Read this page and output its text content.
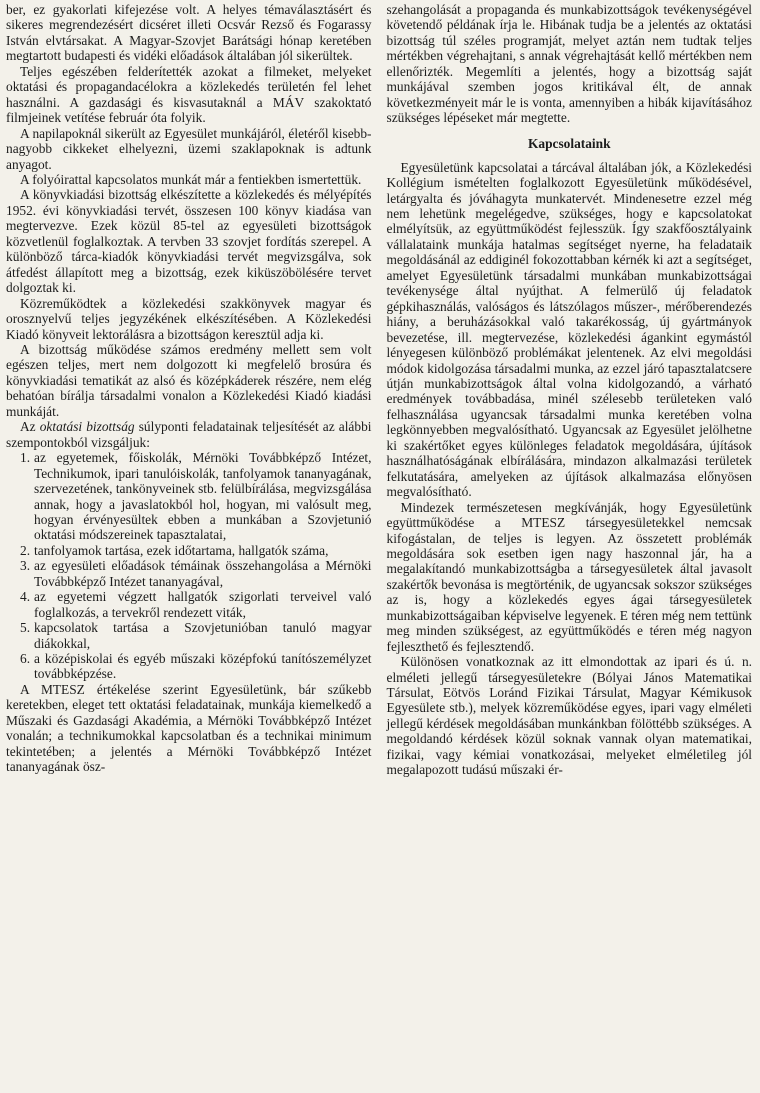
ber, ez gyakorlati kifejezése volt. A helyes témaválasztásért és sikeres megrendezésért dicséret illeti Ocsvár Rezső és Fogarassy István elvtársakat. A Magyar-Szovjet Barátsági hónap keretében megtartott budapesti és vidéki előadások általában jól sikerültek.

Teljes egészében felderítették azokat a filmeket, melyeket oktatási és propagandacélokra a közlekedés területén fel lehet használni. A gazdasági és kisvasutaknál a MÁV szakoktató filmjeinek vetítése február óta folyik.

A napilapoknál sikerült az Egyesület munkájáról, életéről kisebb-nagyobb cikkeket elhelyezni, üzemi szaklapoknak is adtunk anyagot.

A folyóirattal kapcsolatos munkát már a fentiekben ismertettük.

A könyvkiadási bizottság elkészítette a közlekedés és mélyépítés 1952. évi könyvkiadási tervét, összesen 100 könyv kiadása van megtervezve. Ezek közül 85-tel az egyesületi bizottságok közvetlenül foglalkoztak. A tervben 33 szovjet fordítás szerepel. A különböző tárca-kiadók könyvkiadási tervét megvizsgálva, sok átfedést állapított meg a bizottság, ezek kiküszöbölésére tervet dolgoztak ki.

Közreműködtek a közlekedési szakkönyvek magyar és orosznyelvű teljes jegyzékének elkészítésében. A Közlekedési Kiadó könyveit lektorálásra a bizottságon keresztül adja ki.

A bizottság működése számos eredmény mellett sem volt egészen teljes, mert nem dolgozott ki megfelelő brosúra és könyvkiadási tematikát az alsó és középkáderek részére, nem elég behatóan bírálja társadalmi vonalon a Közlekedési Kiadó kiadási munkáját.

Az oktatási bizottság súlyponti feladatainak teljesítését az alábbi szempontokból vizsgáljuk:

1. az egyetemek, főiskolák, Mérnöki Továbbképző Intézet, Technikumok, ipari tanulóiskolák, tanfolyamok tananyagának, szervezetének, tankönyveinek stb. felülbírálása, megvizsgálása annak, hogy a javaslatokból hol, hogyan, mi valósult meg, hogyan érvényesültek ebben a munkában a Szovjetunió oktatási módszereinek tapasztalatai,
2. tanfolyamok tartása, ezek időtartama, hallgatók száma,
3. az egyesületi előadások témáinak összehangolása a Mérnöki Továbbképző Intézet tananyagával,
4. az egyetemi végzett hallgatók szigorlati terveivel való foglalkozás, a tervekről rendezett viták,
5. kapcsolatok tartása a Szovjetunióban tanuló magyar diákokkal,
6. a középiskolai és egyéb műszaki középfokú tanítószemélyzet továbbképzése.

A MTESZ értékelése szerint Egyesületünk, bár szűkebb keretekben, eleget tett oktatási feladatainak, munkája kiemelkedő a Műszaki és Gazdasági Akadémia, a Mérnöki Továbbképző Intézet vonalán; a technikumokkal kapcsolatban és a technikai minimum tekintetében; a jelentés a Mérnöki Továbbképző Intézet tananyagának ösz-

szehangolását a propaganda és munkabizottságok tevékenységével követendő példának írja le. Hibának tudja be a jelentés az oktatási bizottság túl széles programját, melyet aztán nem tudtak teljes mértékben végrehajtani, s annak végrehajtását kellő mértékben nem ellenőrizték. Megemlíti a jelentés, hogy a bizottság saját munkájával szemben jogos kritikával élt, de annak következményeit már le is vonta, amennyiben a hibák kijavításához szükséges lépéseket már megtette.

Kapcsolataink

Egyesületünk kapcsolatai a tárcával általában jók, a Közlekedési Kollégium ismételten foglalkozott Egyesületünk működésével, letárgyalta és jóváhagyta munkatervét. Mindenesetre ezzel még nem lehetünk megelégedve, szükséges, hogy e kapcsolatokat elmélyítsük, az együttműködést fejlesszük. Így szakfőosztályaink vállalataink munkája hatalmas segítséget nyerne, ha feladataik megoldásánál az eddiginél fokozottabban kérnék ki azt a segítséget, amelyet Egyesületünk társadalmi munkában munkabizottságai tevékenysége által nyújthat. A felmerülő új feladatok gépkihasználás, valóságos és látszólagos műszer-, mérőberendezés hiány, a beruházásokkal való takarékosság, új gyártmányok bevezetése, ill. megtervezése, közlekedési ágankint egymástól lényegesen különböző problémákat jelentenek. Az elvi megoldási módok kidolgozása társadalmi munka, az ezzel járó tapasztalatcsere útján munkabizottságok által volna kidolgozandó, a várható eredmények továbbadása, minél szélesebb területeken való felhasználása ugyancsak társadalmi munka keretében volna legkönnyebben megvalósítható. Ugyancsak az Egyesület jelölhetne ki szakértőket egyes különleges feladatok megoldására, újítások használhatóságának elbírálására, mindazon alkalmazási területek felkutatására, amelyeken az újítások alkalmazása előnyösen megvalósítható.

Mindezek természetesen megkívánják, hogy Egyesületünk együttműködése a MTESZ társegyesületekkel nemcsak kifogástalan, de teljes is legyen. Az összetett problémák megoldására sok esetben igen nagy haszonnal jár, ha a megalakítandó munkabizottságba a társegyesületek által javasolt szakértők bevonása is megtörténik, de ugyancsak sokszor szükséges az is, hogy a közlekedés egyes ágai társegyesületek munkabizottságaiban képviselve legyenek. E téren még nem tettünk meg minden szükségest, az együttműködés e téren még nagyon fejleszthető és fejlesztendő.

Különösen vonatkoznak az itt elmondottak az ipari és ú. n. elméleti jellegű társegyesületekre (Bólyai János Matematikai Társulat, Eötvös Loránd Fizikai Társulat, Magyar Kémikusok Egyesülete stb.), melyek közreműködése egyes, ipari vagy elméleti jellegű kérdések megoldásában munkánkban fölöttébb szükséges. A megoldandó kérdések közül soknak vannak olyan matematikai, fizikai, vagy kémiai vonatkozásai, melyeket elméletileg jól megalapozott tudású műszaki ér-
